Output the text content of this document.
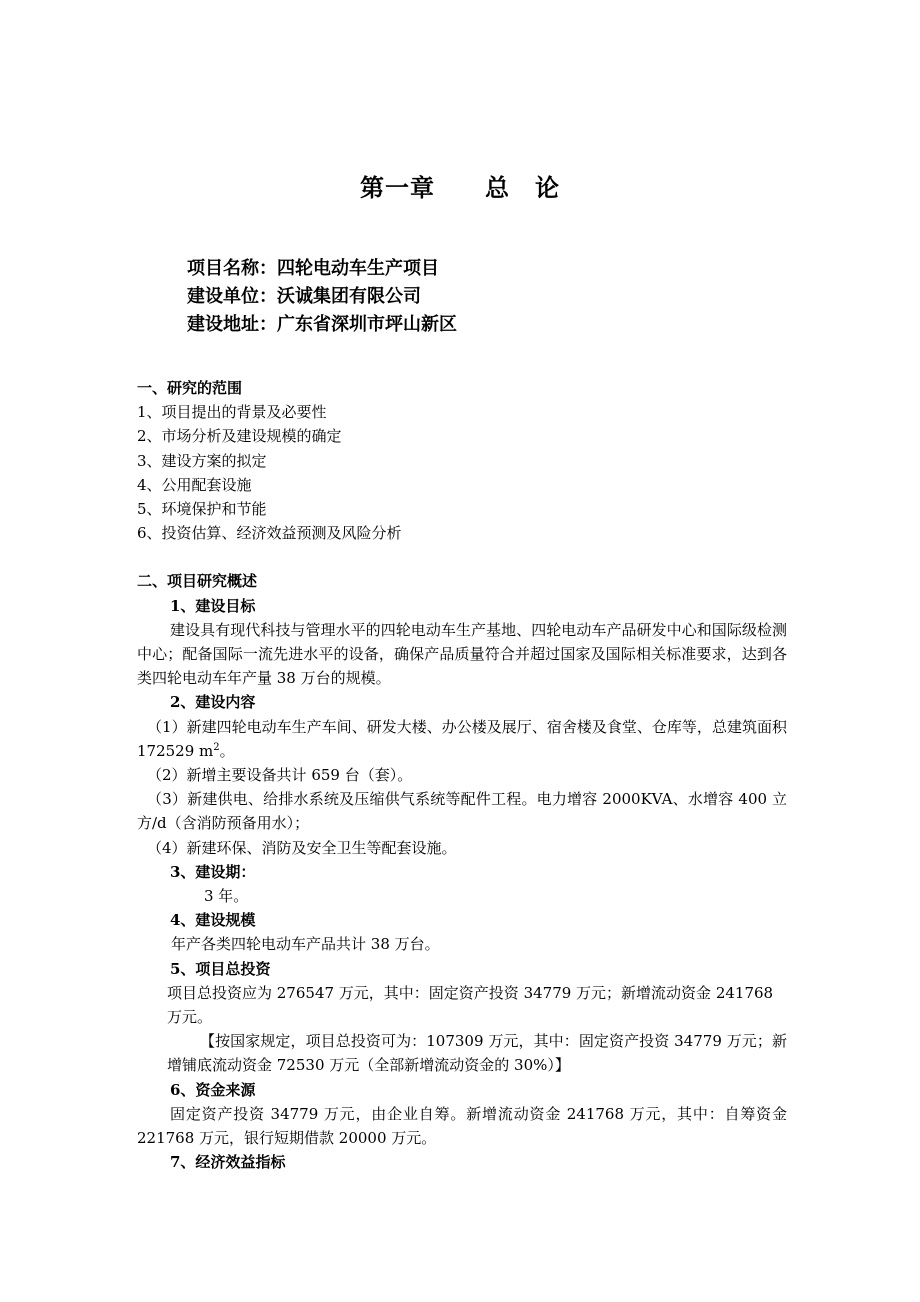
第一章　　总　论
项目名称：四轮电动车生产项目
建设单位：沃诚集团有限公司
建设地址：广东省深圳市坪山新区
一、研究的范围
1、项目提出的背景及必要性
2、市场分析及建设规模的确定
3、建设方案的拟定
4、公用配套设施
5、环境保护和节能
6、投资估算、经济效益预测及风险分析
二、项目研究概述
1、建设目标
建设具有现代科技与管理水平的四轮电动车生产基地、四轮电动车产品研发中心和国际级检测中心；配备国际一流先进水平的设备，确保产品质量符合并超过国家及国际相关标准要求，达到各类四轮电动车年产量 38 万台的规模。
2、建设内容
（1）新建四轮电动车生产车间、研发大楼、办公楼及展厅、宿舍楼及食堂、仓库等，总建筑面积 172529 $m^2$。
（2）新增主要设备共计 659 台（套）。
（3）新建供电、给排水系统及压缩供气系统等配件工程。电力增容 2000KVA、水增容 400 立方/d（含消防预备用水）；
（4）新建环保、消防及安全卫生等配套设施。
3、建设期：
3 年。
4、建设规模
年产各类四轮电动车产品共计 38 万台。
5、项目总投资
项目总投资应为 276547 万元，其中：固定资产投资 34779 万元；新增流动资金 241768 万元。
【按国家规定，项目总投资可为：107309 万元，其中：固定资产投资 34779 万元；新增铺底流动资金 72530 万元（全部新增流动资金的 30%）】
6、资金来源
固定资产投资 34779 万元，由企业自筹。新增流动资金 241768 万元，其中：自筹资金 221768 万元，银行短期借款 20000 万元。
7、经济效益指标
